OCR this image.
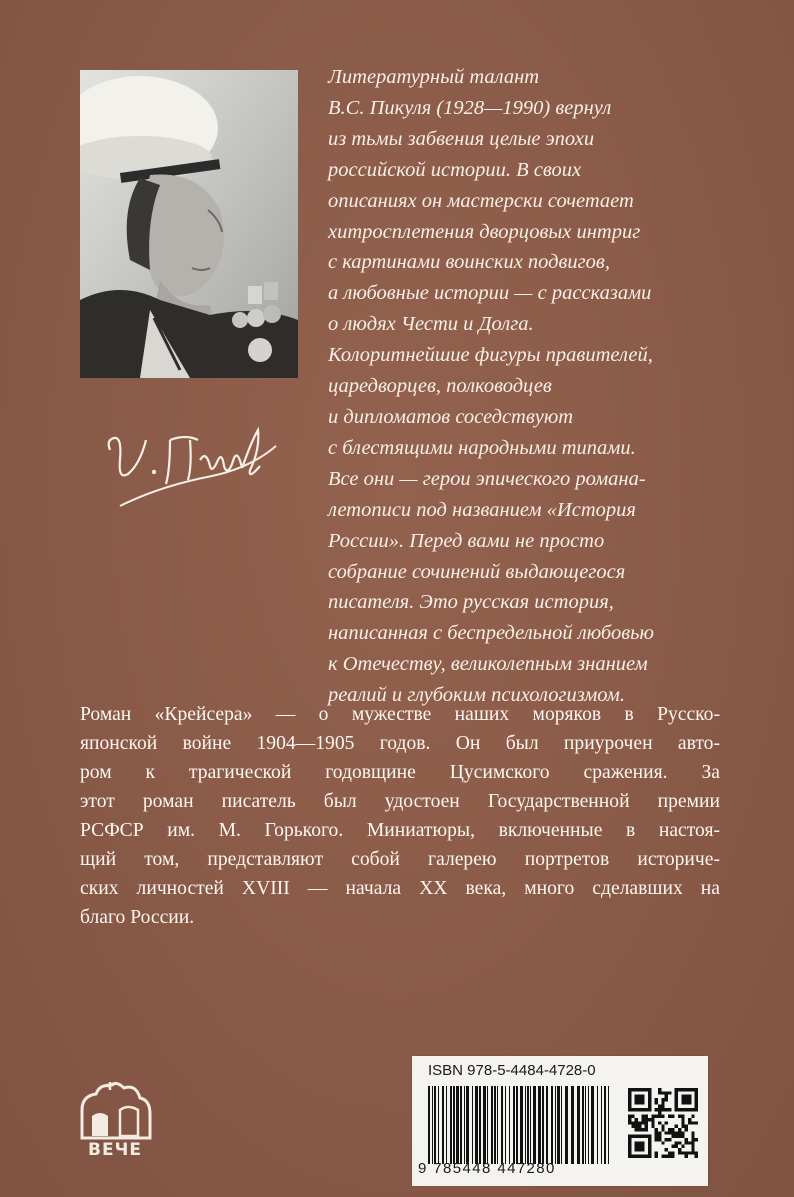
Литературный талант
В.С. Пикуля (1928—1990) вернул
из тьмы забвения целые эпохи
российской истории. В своих
описаниях он мастерски сочетает
хитросплетения дворцовых интриг
с картинами воинских подвигов,
а любовные истории — с рассказами
о людях Чести и Долга.
Колоритнейшие фигуры правителей,
царедворцев, полководцев
и дипломатов соседствуют
с блестящими народными типами.
Все они — герои эпического романа-
летописи под названием «История
России». Перед вами не просто
собрание сочинений выдающегося
писателя. Это русская история,
написанная с беспредельной любовью
к Отечеству, великолепным знанием
реалий и глубоким психологизмом.
Роман «Крейсера» — о мужестве наших моряков в Русско-
японской войне 1904—1905 годов. Он был приурочен авто-
ром к трагической годовщине Цусимского сражения. За
этот роман писатель был удостоен Государственной премии
РСФСР им. М. Горького. Миниатюры, включенные в настоя-
щий том, представляют собой галерею портретов историче-
ских личностей XVIII — начала XX века, много сделавших на
благо России.
ВЕЧЕ
ISBN 978-5-4484-4728-0
9 785448 447280
